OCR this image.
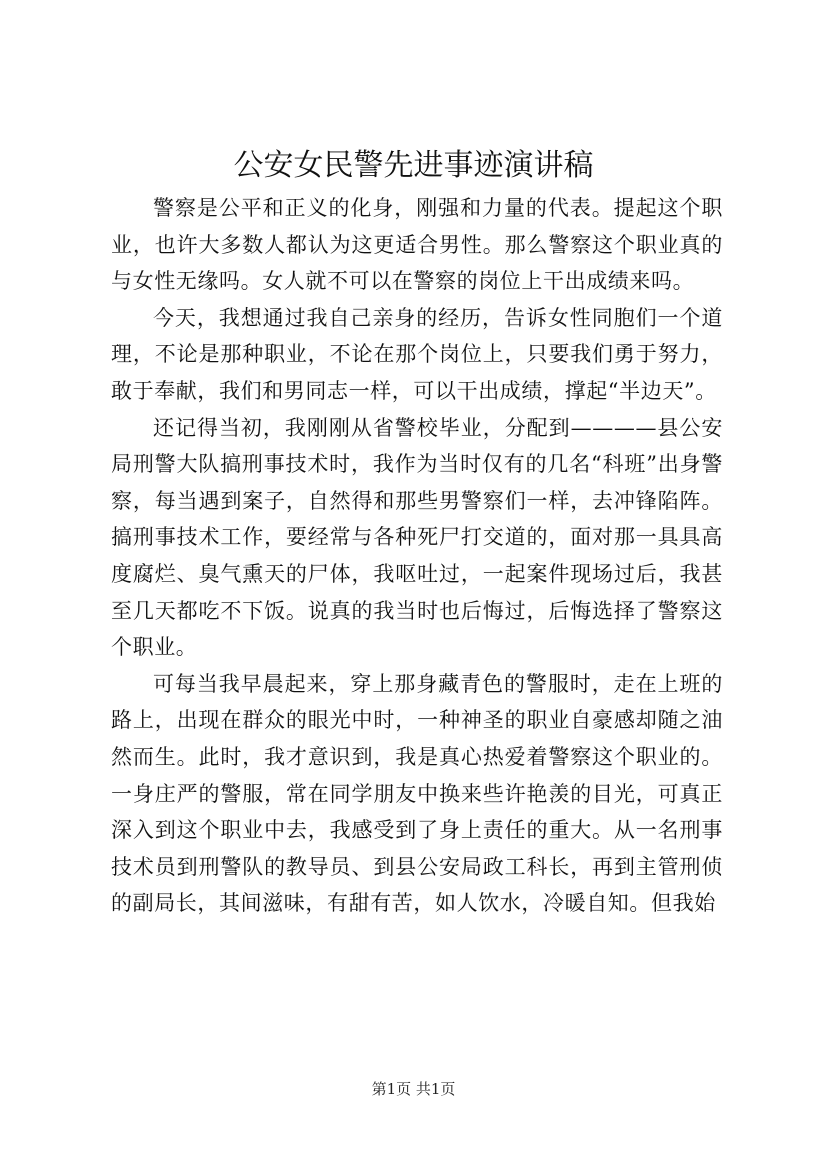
公安女民警先进事迹演讲稿

警察是公平和正义的化身，刚强和力量的代表。提起这个职业，也许大多数人都认为这更适合男性。那么警察这个职业真的与女性无缘吗。女人就不可以在警察的岗位上干出成绩来吗。

今天，我想通过我自己亲身的经历，告诉女性同胞们一个道理，不论是那种职业，不论在那个岗位上，只要我们勇于努力，敢于奉献，我们和男同志一样，可以干出成绩，撑起“半边天”。

还记得当初，我刚刚从省警校毕业，分配到————县公安局刑警大队搞刑事技术时，我作为当时仅有的几名“科班”出身警察，每当遇到案子，自然得和那些男警察们一样，去冲锋陷阵。搞刑事技术工作，要经常与各种死尸打交道的，面对那一具具高度腐烂、臭气熏天的尸体，我呕吐过，一起案件现场过后，我甚至几天都吃不下饭。说真的我当时也后悔过，后悔选择了警察这个职业。

可每当我早晨起来，穿上那身藏青色的警服时，走在上班的路上，出现在群众的眼光中时，一种神圣的职业自豪感却随之油然而生。此时，我才意识到，我是真心热爱着警察这个职业的。一身庄严的警服，常在同学朋友中换来些许艳羡的目光，可真正深入到这个职业中去，我感受到了身上责任的重大。从一名刑事技术员到刑警队的教导员、到县公安局政工科长，再到主管刑侦的副局长，其间滋味，有甜有苦，如人饮水，冷暖自知。但我始

第1页 共1页
